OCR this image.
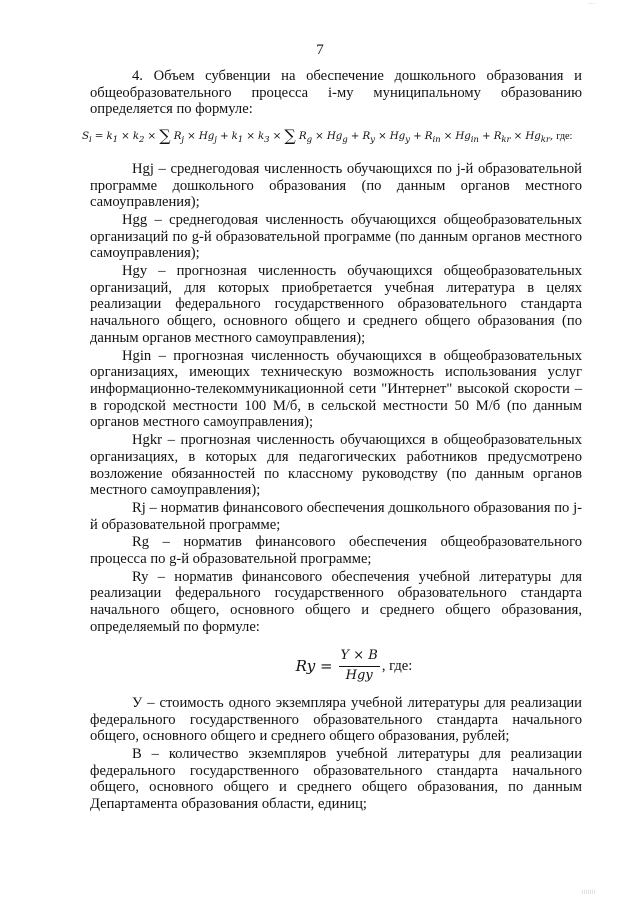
·····
7

4. Объем субвенции на обеспечение дошкольного образования и общеобразовательного процесса i-му муниципальному образованию определяется по формуле:

$S_i = k_1 \times k_2$ × ∑ $R_j \times Hg_j + k_1 \times k_3$ × ∑ $R_g \times Hg_g + R_y \times Hg_y + R_{in} \times Hg_{in} + R_{kr} \times Hg_{kr}$, где:

Hgj – среднегодовая численность обучающихся по j-й образовательной программе дошкольного образования (по данным органов местного самоуправления);

Hgg – среднегодовая численность обучающихся общеобразовательных организаций по g-й образовательной программе (по данным органов местного самоуправления);

Hgy – прогнозная численность обучающихся общеобразовательных организаций, для которых приобретается учебная литература в целях реализации федерального государственного образовательного стандарта начального общего, основного общего и среднего общего образования (по данным органов местного самоуправления);

Hgin – прогнозная численность обучающихся в общеобразовательных организациях, имеющих техническую возможность использования услуг информационно-телекоммуникационной сети "Интернет" высокой скорости – в городской местности 100 М/б, в сельской местности 50 М/б (по данным органов местного самоуправления);

Hgkr – прогнозная численность обучающихся в общеобразовательных организациях, в которых для педагогических работников предусмотрено возложение обязанностей по классному руководству (по данным органов местного самоуправления);

Rj – норматив финансового обеспечения дошкольного образования по j-й образовательной программе;

Rg – норматив финансового обеспечения общеобразовательного процесса по g-й образовательной программе;

Ry – норматив финансового обеспечения учебной литературы для реализации федерального государственного образовательного стандарта начального общего, основного общего и среднего общего образования, определяемый по формуле:

$Ry = \frac{Y \times B}{\text{Hgy}}$ , где:

У – стоимость одного экземпляра учебной литературы для реализации федерального государственного образовательного стандарта начального общего, основного общего и среднего общего образования, рублей;

В – количество экземпляров учебной литературы для реализации федерального государственного образовательного стандарта начального общего, основного общего и среднего общего образования, по данным Департамента образования области, единиц;

|||||||
